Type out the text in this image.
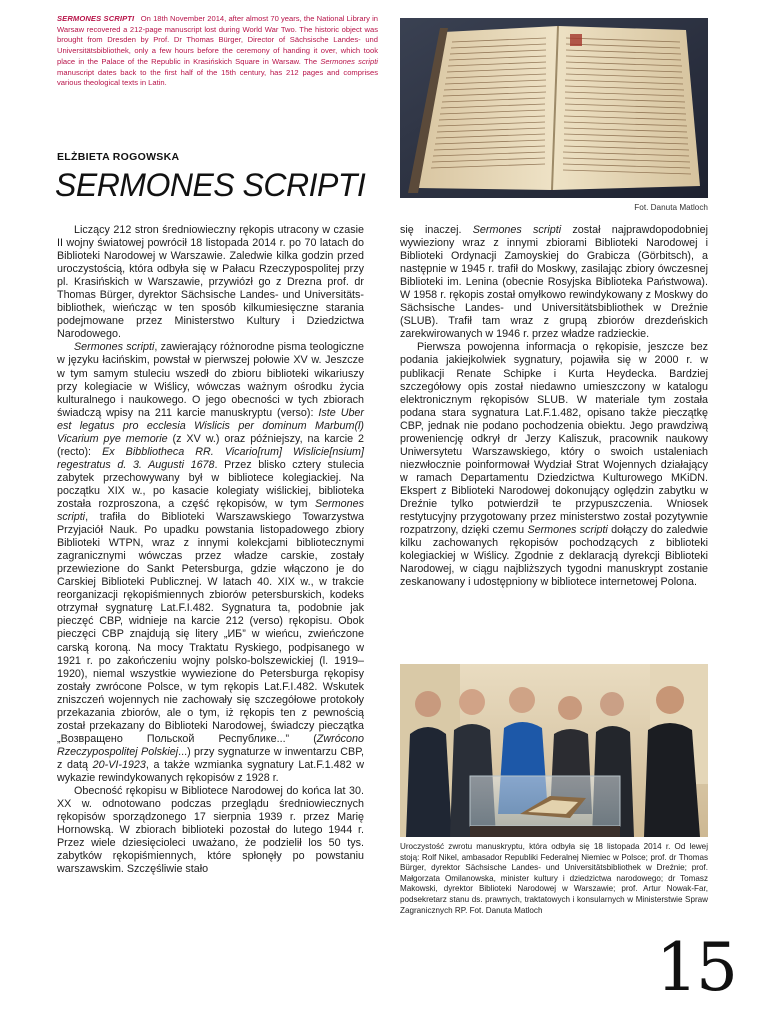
SERMONES SCRIPTI On 18th November 2014, after almost 70 years, the National Library in Warsaw recovered a 212-page manuscript lost during World War Two. The historic object was brought from Dresden by Prof. Dr Thomas Bürger, Director of Sächsische Landes- und Universitätsbibliothek, only a few hours before the ceremony of handing it over, which took place in the Palace of the Republic in Krasińskich Square in Warsaw. The Sermones scripti manuscript dates back to the first half of the 15th century, has 212 pages and comprises various theological texts in Latin.
ELŻBIETA ROGOWSKA
SERMONES SCRIPTI
Fot. Danuta Matloch

Liczący 212 stron średniowieczny rękopis utracony w czasie II wojny światowej powrócił 18 listopada 2014 r. po 70 latach do Biblioteki Narodowej w Warszawie. Zaledwie kilka godzin przed uroczystością, która odbyła się w Pałacu Rzeczypospolitej przy pl. Krasińskich w Warszawie, przywiózł go z Drezna prof. dr Thomas Bürger, dyrektor Sächsische Landes- und Universitäts-bibliothek, wieńcząc w ten sposób kilkumiesięczne starania podejmowane przez Ministerstwo Kultury i Dziedzictwa Narodowego.

Sermones scripti, zawierający różnorodne pisma teologiczne w języku łacińskim, powstał w pierwszej połowie XV w. Jeszcze w tym samym stuleciu wszedł do zbioru biblioteki wikariuszy przy kolegiacie w Wiślicy, wówczas ważnym ośrodku życia kulturalnego i naukowego. O jego obecności w tych zbiorach świadczą wpisy na 211 karcie manuskryptu (verso): Iste Uber est legatus pro ecclesia Wislicis per dominum Marbum(l) Vicarium pye memorie (z XV w.) oraz późniejszy, na karcie 2 (recto): Ex Bibbliotheca RR. Vicario[rum] Wislicie[nsium] regestratus d. 3. Augusti 1678. Przez blisko cztery stulecia zabytek przechowywany był w bibliotece kolegiackiej. Na początku XIX w., po kasacie kolegiaty wiślickiej, biblioteka została rozproszona, a część rękopisów, w tym Sermones scripti, trafiła do Biblioteki Warszawskiego Towarzystwa Przyjaciół Nauk. Po upadku powstania listopadowego zbiory Biblioteki WTPN, wraz z innymi kolekcjami bibliotecznymi zagranicznymi wówczas przez władze carskie, zostały przewiezione do Sankt Petersburga, gdzie włączono je do Carskiej Biblioteki Publicznej. W latach 40. XIX w., w trakcie reorganizacji rękopiśmiennych zbiorów petersburskich, kodeks otrzymał sygnaturę Lat.F.I.482. Sygnatura ta, podobnie jak pieczęć CBP, widnieje na karcie 212 (verso) rękopisu. Obok pieczęci CBP znajdują się litery „ИБ” w wieńcu, zwieńczone carską koroną. Na mocy Traktatu Ryskiego, podpisanego w 1921 r. po zakończeniu wojny polsko-bolszewickiej (l. 1919–1920), niemal wszystkie wywiezione do Petersburga rękopisy zostały zwrócone Polsce, w tym rękopis Lat.F.I.482. Wskutek zniszczeń wojennych nie zachowały się szczegółowe protokoły przekazania zbiorów, ale o tym, iż rękopis ten z pewnością został przekazany do Biblioteki Narodowej, świadczy pieczątka „Возвращено Польской Республике...” (Zwrócono Rzeczypospolitej Polskiej...) przy sygnaturze w inwentarzu CBP, z datą 20-VI-1923, a także wzmianka sygnatury Lat.F.1.482 w wykazie rewindykowanych rękopisów z 1928 r.

Obecność rękopisu w Bibliotece Narodowej do końca lat 30. XX w. odnotowano podczas przeglądu średniowiecznych rękopisów sporządzonego 17 sierpnia 1939 r. przez Marię Hornowską. W zbiorach biblioteki pozostał do lutego 1944 r. Przez wiele dziesięcioleci uważano, że podzielił los 50 tys. zabytków rękopiśmiennych, które spłonęły po powstaniu warszawskim. Szczęśliwie stało

się inaczej. Sermones scripti został najprawdopodobniej wywieziony wraz z innymi zbiorami Biblioteki Narodowej i Biblioteki Ordynacji Zamoyskiej do Grabicza (Görbitsch), a następnie w 1945 r. trafił do Moskwy, zasilając zbiory ówczesnej Biblioteki im. Lenina (obecnie Rosyjska Biblioteka Państwowa). W 1958 r. rękopis został omyłkowo rewindykowany z Moskwy do Sächsische Landes- und Universitätsbibliothek w Dreźnie (SLUB). Trafił tam wraz z grupą zbiorów drezdeńskich zarekwirowanych w 1946 r. przez władze radzieckie.

Pierwsza powojenna informacja o rękopisie, jeszcze bez podania jakiejkolwiek sygnatury, pojawiła się w 2000 r. w publikacji Renate Schipke i Kurta Heydecka. Bardziej szczegółowy opis został niedawno umieszczony w katalogu elektronicznym rękopisów SLUB. W materiale tym została podana stara sygnatura Lat.F.1.482, opisano także pieczątkę CBP, jednak nie podano pochodzenia obiektu. Jego prawdziwą proweniencję odkrył dr Jerzy Kaliszuk, pracownik naukowy Uniwersytetu Warszawskiego, który o swoich ustaleniach niezwłocznie poinformował Wydział Strat Wojennych działający w ramach Departamentu Dziedzictwa Kulturowego MKiDN. Ekspert z Biblioteki Narodowej dokonujący oględzin zabytku w Dreźnie tylko potwierdził te przypuszczenia. Wniosek restytucyjny przygotowany przez ministerstwo został pozytywnie rozpatrzony, dzięki czemu Sermones scripti dołączy do zaledwie kilku zachowanych rękopisów pochodzących z biblioteki kolegiackiej w Wiślicy. Zgodnie z deklaracją dyrekcji Biblioteki Narodowej, w ciągu najbliższych tygodni manuskrypt zostanie zeskanowany i udostępniony w bibliotece internetowej Polona.

Uroczystość zwrotu manuskryptu, która odbyła się 18 listopada 2014 r. Od lewej stoją: Rolf Nikel, ambasador Republiki Federalnej Niemiec w Polsce; prof. dr Thomas Bürger, dyrektor Sächsische Landes- und Universitätsbibliothek w Dreźnie; prof. Małgorzata Omilanowska, minister kultury i dziedzictwa narodowego; dr Tomasz Makowski, dyrektor Biblioteki Narodowej w Warszawie; prof. Artur Nowak-Far, podsekretarz stanu ds. prawnych, traktatowych i konsularnych w Ministerstwie Spraw Zagranicznych RP. Fot. Danuta Matloch
15
